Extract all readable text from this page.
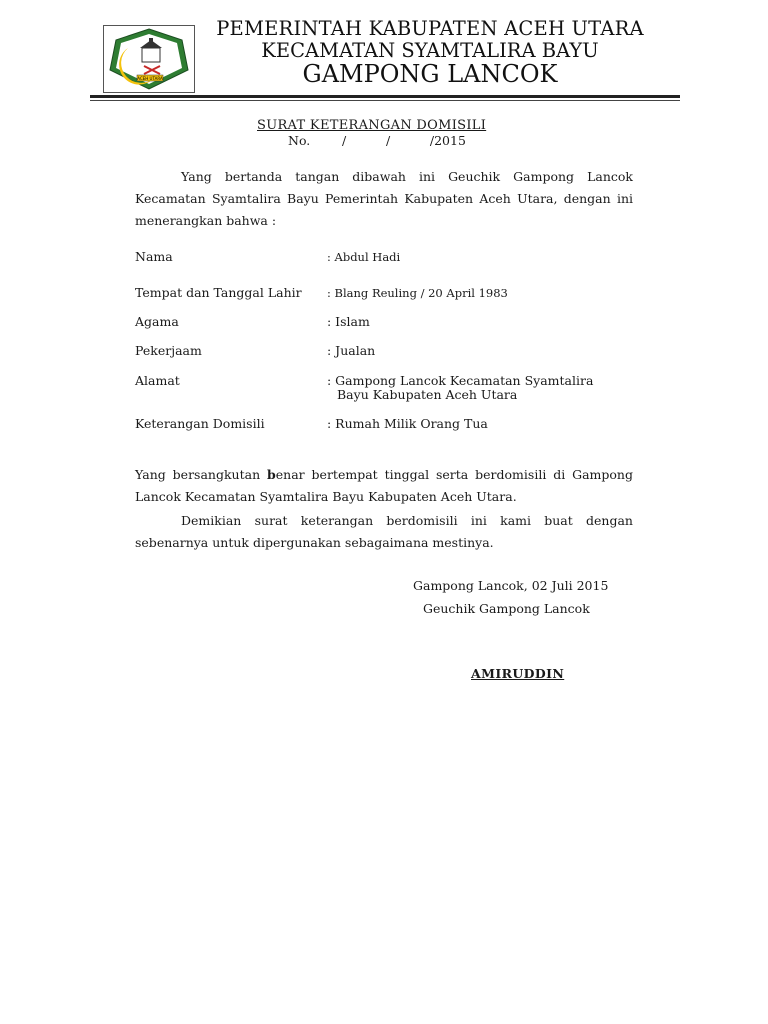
ACEH UTARA
PEMERINTAH KABUPATEN ACEH UTARA
KECAMATAN SYAMTALIRA BAYU
GAMPONG LANCOK
SURAT KETERANGAN DOMISILI
No.        /          /          /2015
Yang bertanda tangan dibawah ini Geuchik Gampong Lancok Kecamatan Syamtalira Bayu Pemerintah Kabupaten Aceh Utara, dengan ini menerangkan bahwa :
Nama	: Abdul Hadi
Tempat dan Tanggal Lahir	: Blang Reuling / 20 April 1983
Agama	: Islam
Pekerjaam	: Jualan
Alamat	: Gampong Lancok Kecamatan Syamtalira
Bayu Kabupaten Aceh Utara
Keterangan Domisili	: Rumah Milik Orang Tua
Yang bersangkutan benar bertempat tinggal serta berdomisili di Gampong Lancok Kecamatan Syamtalira Bayu Kabupaten Aceh Utara.
Demikian surat keterangan berdomisili ini kami buat dengan sebenarnya untuk dipergunakan sebagaimana mestinya.
Gampong Lancok, 02 Juli 2015
Geuchik Gampong Lancok
AMIRUDDIN
